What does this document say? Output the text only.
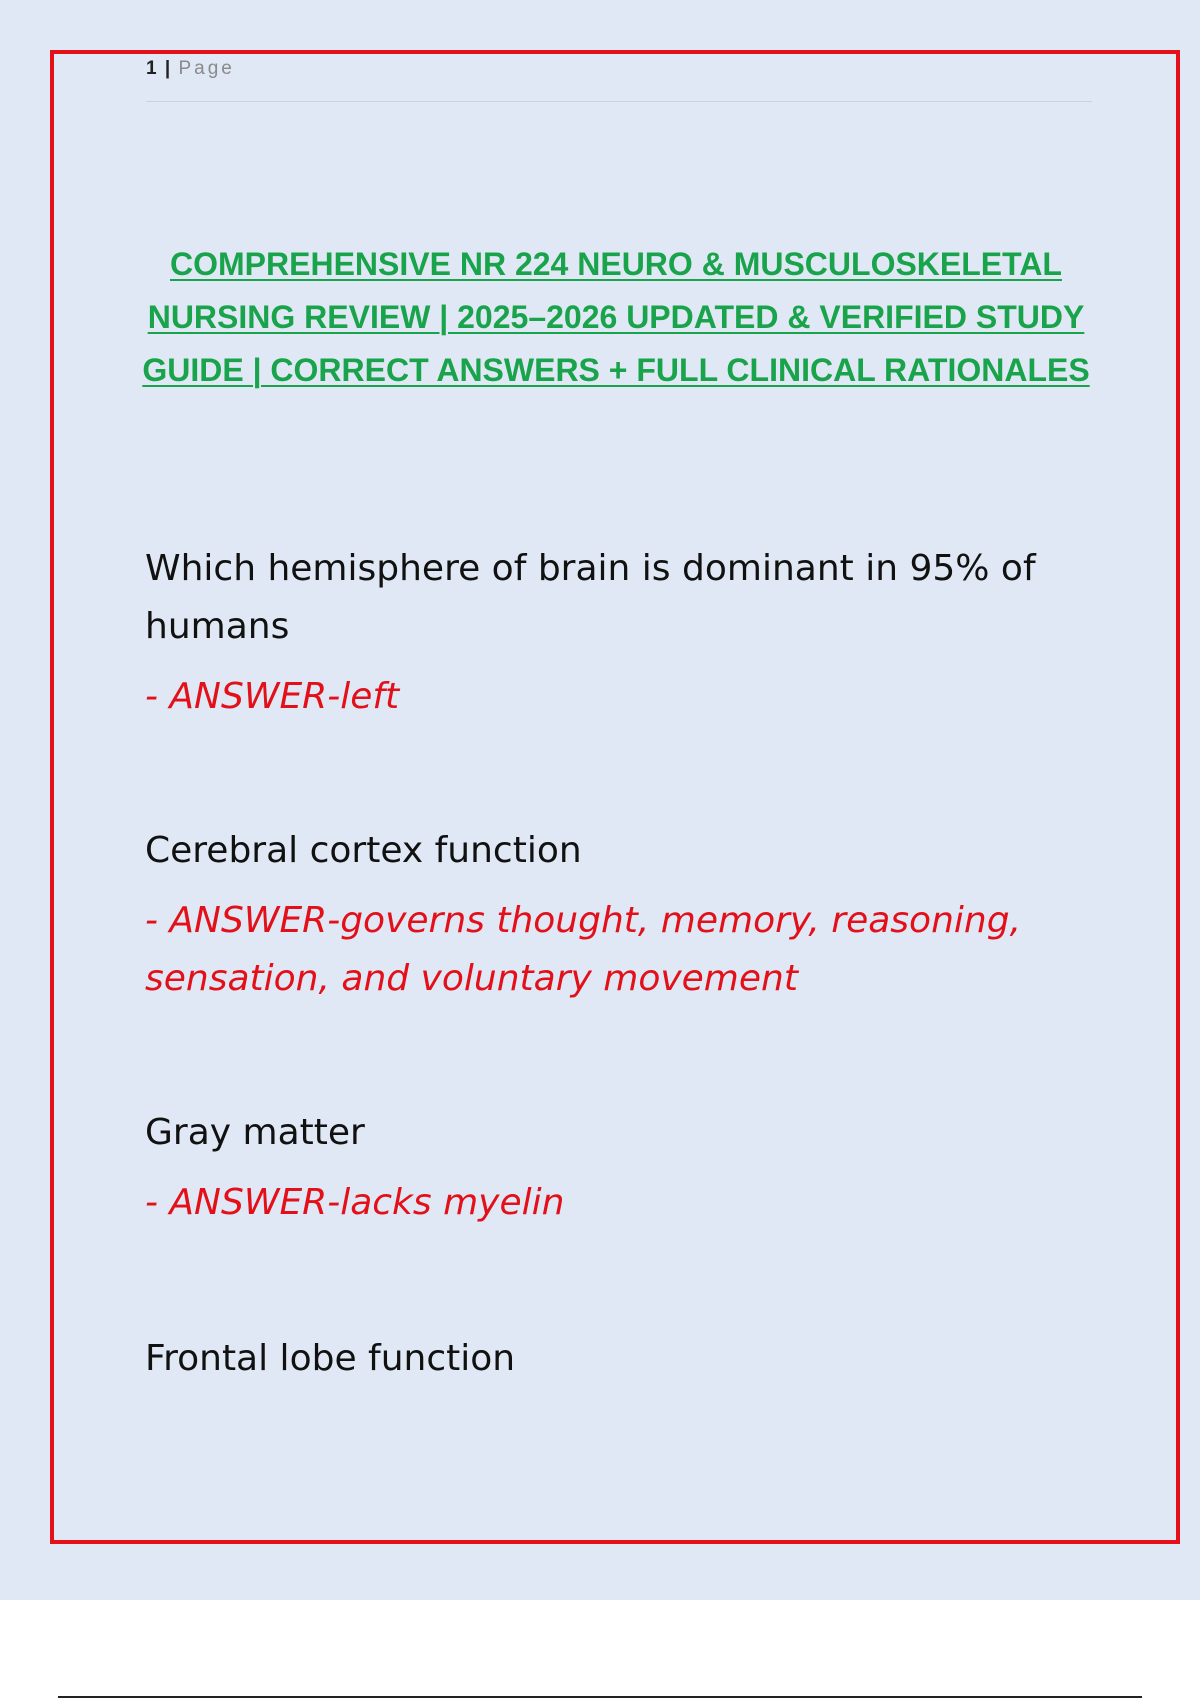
1 | Page
COMPREHENSIVE NR 224 NEURO & MUSCULOSKELETAL NURSING REVIEW | 2025–2026 UPDATED & VERIFIED STUDY GUIDE | CORRECT ANSWERS + FULL CLINICAL RATIONALES
Which hemisphere of brain is dominant in 95% of humans
- ANSWER-left
Cerebral cortex function
- ANSWER-governs thought, memory, reasoning, sensation, and voluntary movement
Gray matter
- ANSWER-lacks myelin
Frontal lobe function
